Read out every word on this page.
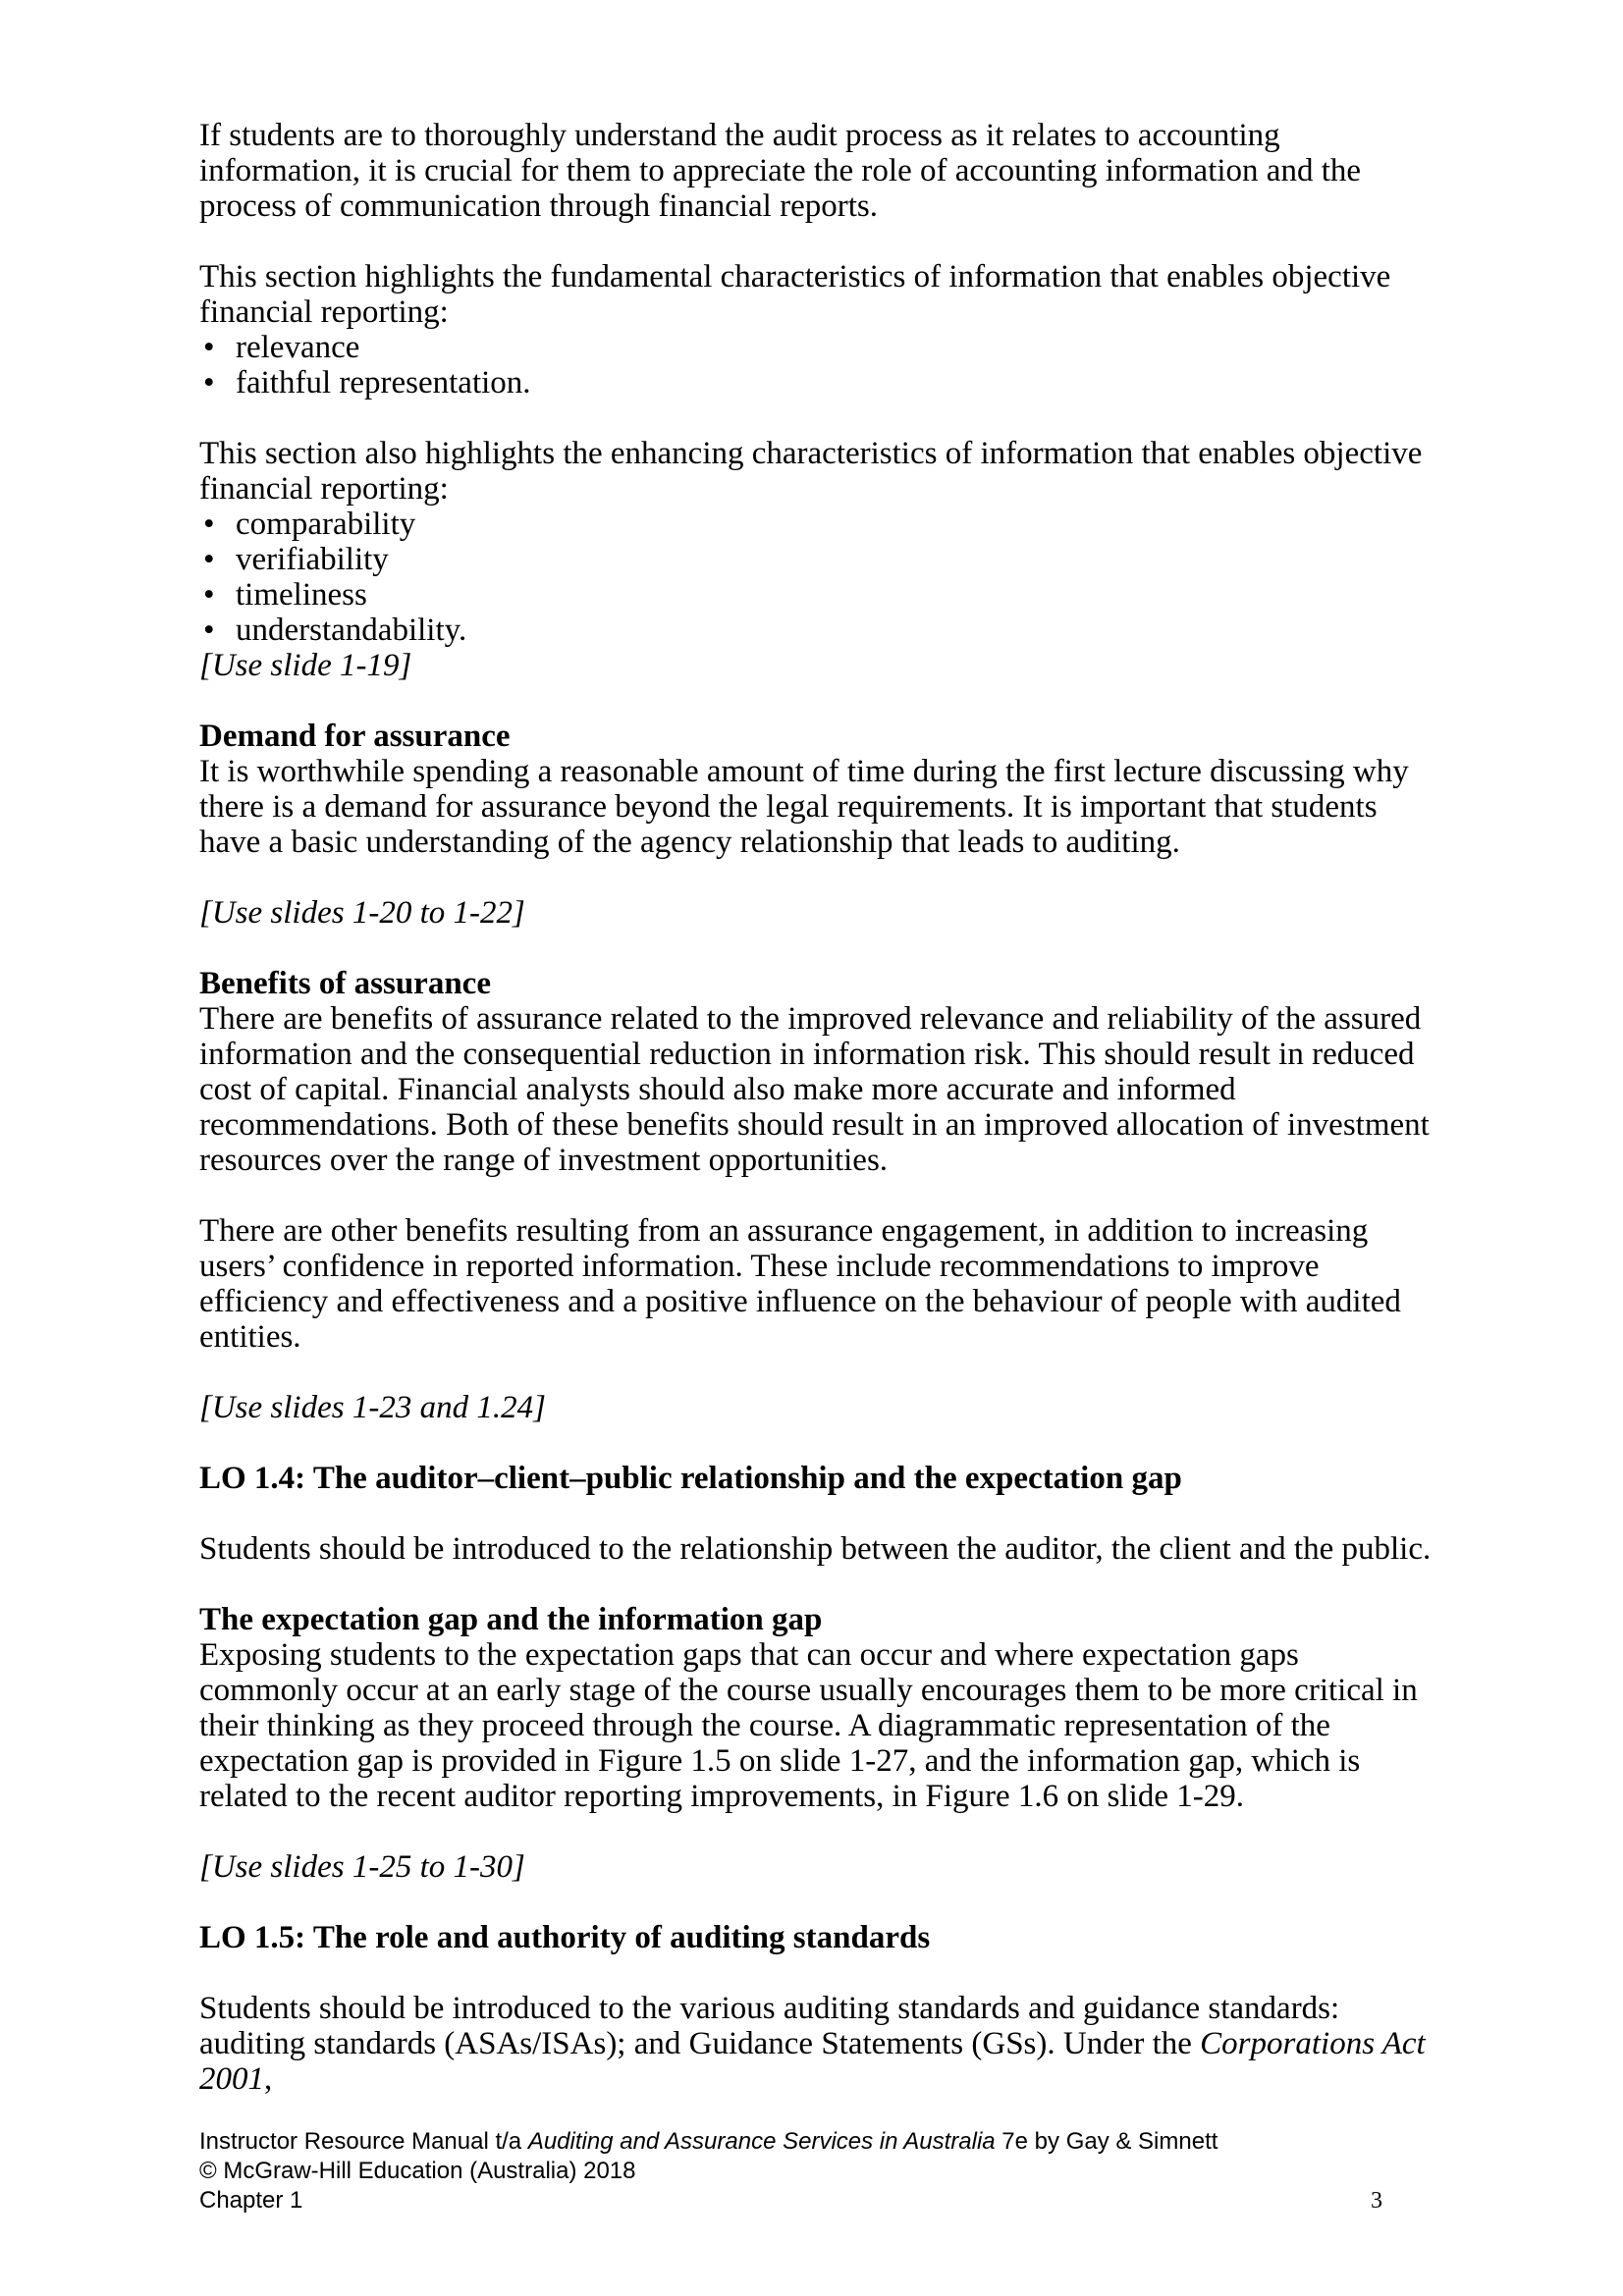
If students are to thoroughly understand the audit process as it relates to accounting information, it is crucial for them to appreciate the role of accounting information and the process of communication through financial reports.

This section highlights the fundamental characteristics of information that enables objective financial reporting:

• relevance
• faithful representation.

This section also highlights the enhancing characteristics of information that enables objective financial reporting:

• comparability
• verifiability
• timeliness
• understandability.

[Use slide 1-19]

Demand for assurance

It is worthwhile spending a reasonable amount of time during the first lecture discussing why there is a demand for assurance beyond the legal requirements. It is important that students have a basic understanding of the agency relationship that leads to auditing.

[Use slides 1-20 to 1-22]

Benefits of assurance

There are benefits of assurance related to the improved relevance and reliability of the assured information and the consequential reduction in information risk. This should result in reduced cost of capital. Financial analysts should also make more accurate and informed recommendations. Both of these benefits should result in an improved allocation of investment resources over the range of investment opportunities.

There are other benefits resulting from an assurance engagement, in addition to increasing users’ confidence in reported information. These include recommendations to improve efficiency and effectiveness and a positive influence on the behaviour of people with audited entities.

[Use slides 1-23 and 1.24]

LO 1.4: The auditor–client–public relationship and the expectation gap

Students should be introduced to the relationship between the auditor, the client and the public.

The expectation gap and the information gap

Exposing students to the expectation gaps that can occur and where expectation gaps commonly occur at an early stage of the course usually encourages them to be more critical in their thinking as they proceed through the course. A diagrammatic representation of the expectation gap is provided in Figure 1.5 on slide 1-27, and the information gap, which is related to the recent auditor reporting improvements, in Figure 1.6 on slide 1-29.

[Use slides 1-25 to 1-30]

LO 1.5: The role and authority of auditing standards

Students should be introduced to the various auditing standards and guidance standards: auditing standards (ASAs/ISAs); and Guidance Statements (GSs). Under the Corporations Act 2001,

Instructor Resource Manual t/a Auditing and Assurance Services in Australia 7e by Gay & Simnett
© McGraw-Hill Education (Australia) 2018
Chapter 1	3
